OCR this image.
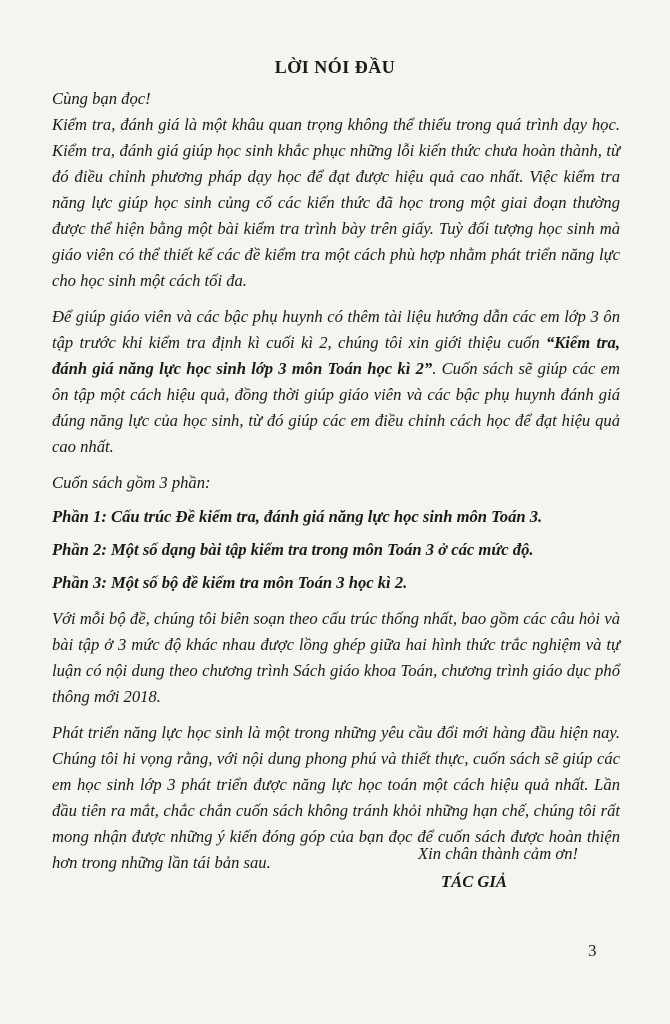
LỜI NÓI ĐẦU

Cùng bạn đọc!

Kiểm tra, đánh giá là một khâu quan trọng không thể thiếu trong quá trình dạy học. Kiểm tra, đánh giá giúp học sinh khắc phục những lỗi kiến thức chưa hoàn thành, từ đó điều chỉnh phương pháp dạy học để đạt được hiệu quả cao nhất. Việc kiểm tra năng lực giúp học sinh củng cố các kiến thức đã học trong một giai đoạn thường được thể hiện bằng một bài kiểm tra trình bày trên giấy. Tuỳ đối tượng học sinh mà giáo viên có thể thiết kế các đề kiểm tra một cách phù hợp nhằm phát triển năng lực cho học sinh một cách tối đa.

Để giúp giáo viên và các bậc phụ huynh có thêm tài liệu hướng dẫn các em lớp 3 ôn tập trước khi kiểm tra định kì cuối kì 2, chúng tôi xin giới thiệu cuốn “Kiểm tra, đánh giá năng lực học sinh lớp 3 môn Toán học kì 2”. Cuốn sách sẽ giúp các em ôn tập một cách hiệu quả, đồng thời giúp giáo viên và các bậc phụ huynh đánh giá đúng năng lực của học sinh, từ đó giúp các em điều chỉnh cách học để đạt hiệu quả cao nhất.

Cuốn sách gồm 3 phần:

Phần 1: Cấu trúc Đề kiểm tra, đánh giá năng lực học sinh môn Toán 3.

Phần 2: Một số dạng bài tập kiểm tra trong môn Toán 3 ở các mức độ.

Phần 3: Một số bộ đề kiểm tra môn Toán 3 học kì 2.

Với mỗi bộ đề, chúng tôi biên soạn theo cấu trúc thống nhất, bao gồm các câu hỏi và bài tập ở 3 mức độ khác nhau được lồng ghép giữa hai hình thức trắc nghiệm và tự luận có nội dung theo chương trình Sách giáo khoa Toán, chương trình giáo dục phổ thông mới 2018.

Phát triển năng lực học sinh là một trong những yêu cầu đổi mới hàng đầu hiện nay. Chúng tôi hi vọng rằng, với nội dung phong phú và thiết thực, cuốn sách sẽ giúp các em học sinh lớp 3 phát triển được năng lực học toán một cách hiệu quả nhất. Lần đầu tiên ra mắt, chắc chắn cuốn sách không tránh khỏi những hạn chế, chúng tôi rất mong nhận được những ý kiến đóng góp của bạn đọc để cuốn sách được hoàn thiện hơn trong những lần tái bản sau.	Xin chân thành cảm ơn!
TÁC GIẢ
3
